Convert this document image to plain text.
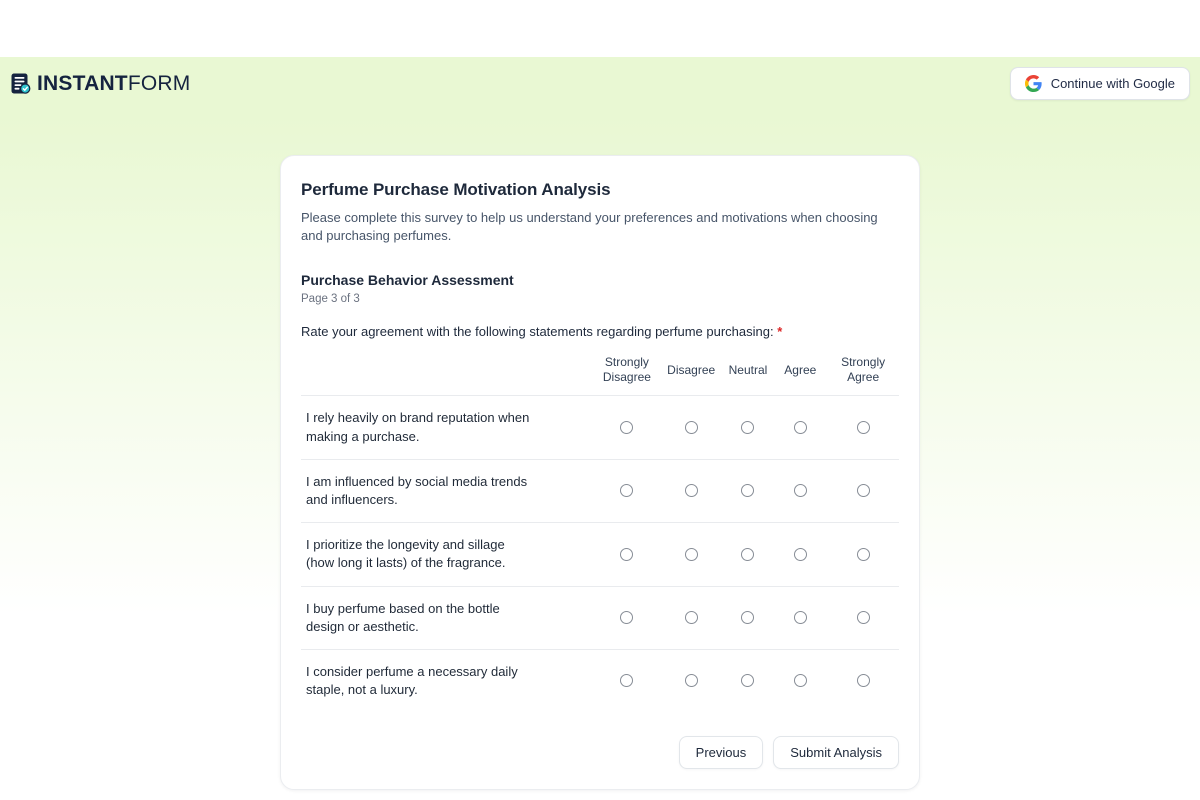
INSTANTFORM	Continue with Google
Perfume Purchase Motivation Analysis

Please complete this survey to help us understand your preferences and motivations when choosing and purchasing perfumes.

Purchase Behavior Assessment

Page 3 of 3

Rate your agreement with the following statements regarding perfume purchasing: *

	Strongly Disagree	Disagree	Neutral	Agree	Strongly Agree
I rely heavily on brand reputation when making a purchase.					
I am influenced by social media trends and influencers.					
I prioritize the longevity and sillage (how long it lasts) of the fragrance.					
I buy perfume based on the bottle design or aesthetic.					
I consider perfume a necessary daily staple, not a luxury.					
Previous	Submit Analysis
